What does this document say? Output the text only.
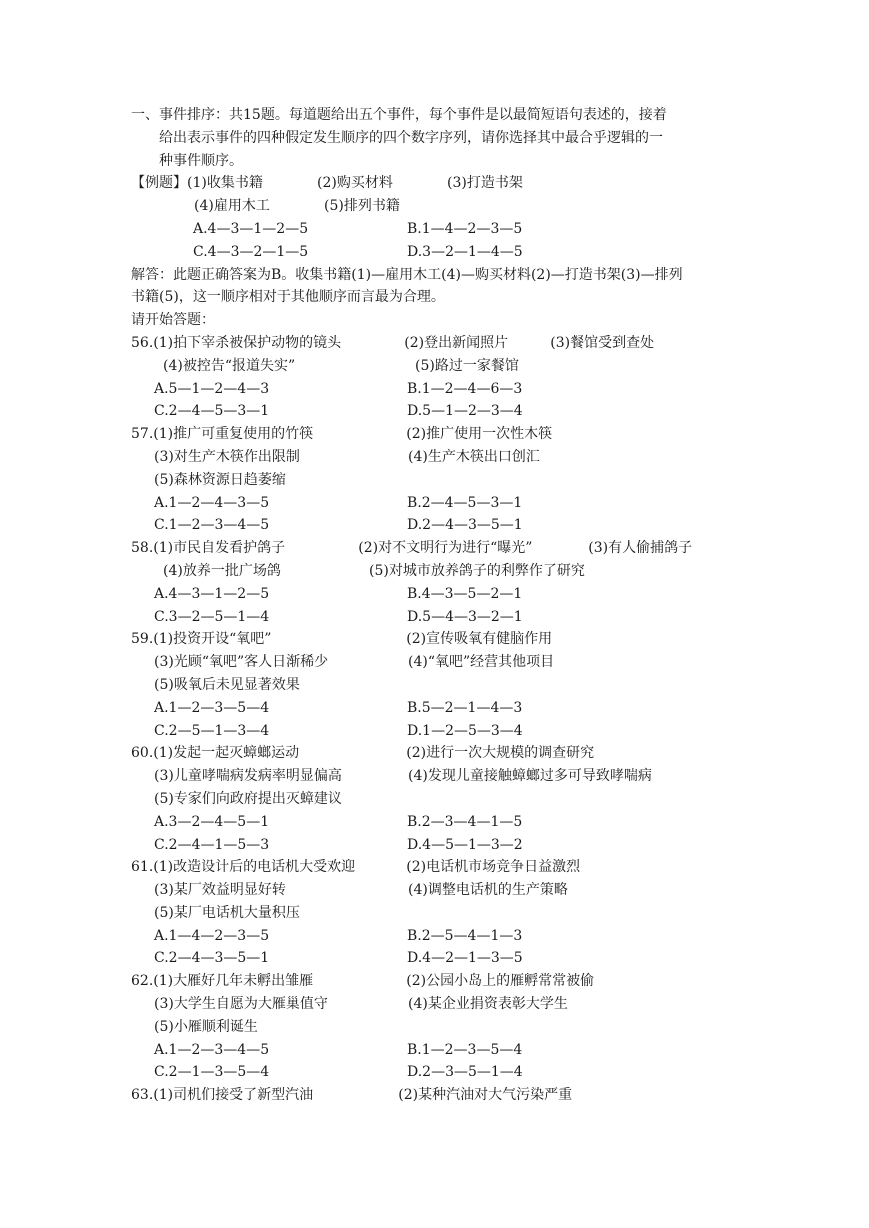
一、事件排序：共15题。每道题给出五个事件，每个事件是以最简短语句表述的，接着
给出表示事件的四种假定发生顺序的四个数字序列，请你选择其中最合乎逻辑的一
种事件顺序。
【例题】(1)收集书籍	(2)购买材料	(3)打造书架
(4)雇用木工	(5)排列书籍
A.4—3—1—2—5	B.1—4—2—3—5
C.4—3—2—1—5	D.3—2—1—4—5
解答：此题正确答案为B。收集书籍(1)—雇用木工(4)—购买材料(2)—打造书架(3)—排列
书籍(5)，这一顺序相对于其他顺序而言最为合理。
请开始答题：
56.(1)拍下宰杀被保护动物的镜头	(2)登出新闻照片	(3)餐馆受到查处
(4)被控告“报道失实”	(5)路过一家餐馆
A.5—1—2—4—3	B.1—2—4—6—3
C.2—4—5—3—1	D.5—1—2—3—4
57.(1)推广可重复使用的竹筷	(2)推广使用一次性木筷
(3)对生产木筷作出限制	(4)生产木筷出口创汇
(5)森林资源日趋萎缩
A.1—2—4—3—5	B.2—4—5—3—1
C.1—2—3—4—5	D.2—4—3—5—1
58.(1)市民自发看护鸽子	(2)对不文明行为进行“曝光”	(3)有人偷捕鸽子
(4)放养一批广场鸽	(5)对城市放养鸽子的利弊作了研究
A.4—3—1—2—5	B.4—3—5—2—1
C.3—2—5—1—4	D.5—4—3—2—1
59.(1)投资开设“氧吧”	(2)宣传吸氧有健脑作用
(3)光顾“氧吧”客人日渐稀少	(4)“氧吧”经营其他项目
(5)吸氧后未见显著效果
A.1—2—3—5—4	B.5—2—1—4—3
C.2—5—1—3—4	D.1—2—5—3—4
60.(1)发起一起灭蟑螂运动	(2)进行一次大规模的调查研究
(3)儿童哮喘病发病率明显偏高	(4)发现儿童接触蟑螂过多可导致哮喘病
(5)专家们向政府提出灭蟑建议
A.3—2—4—5—1	B.2—3—4—1—5
C.2—4—1—5—3	D.4—5—1—3—2
61.(1)改造设计后的电话机大受欢迎	(2)电话机市场竞争日益激烈
(3)某厂效益明显好转	(4)调整电话机的生产策略
(5)某厂电话机大量积压
A.1—4—2—3—5	B.2—5—4—1—3
C.2—4—3—5—1	D.4—2—1—3—5
62.(1)大雁好几年未孵出雏雁	(2)公园小岛上的雁孵常常被偷
(3)大学生自愿为大雁巢值守	(4)某企业捐资表彰大学生
(5)小雁顺利诞生
A.1—2—3—4—5	B.1—2—3—5—4
C.2—1—3—5—4	D.2—3—5—1—4
63.(1)司机们接受了新型汽油	(2)某种汽油对大气污染严重
